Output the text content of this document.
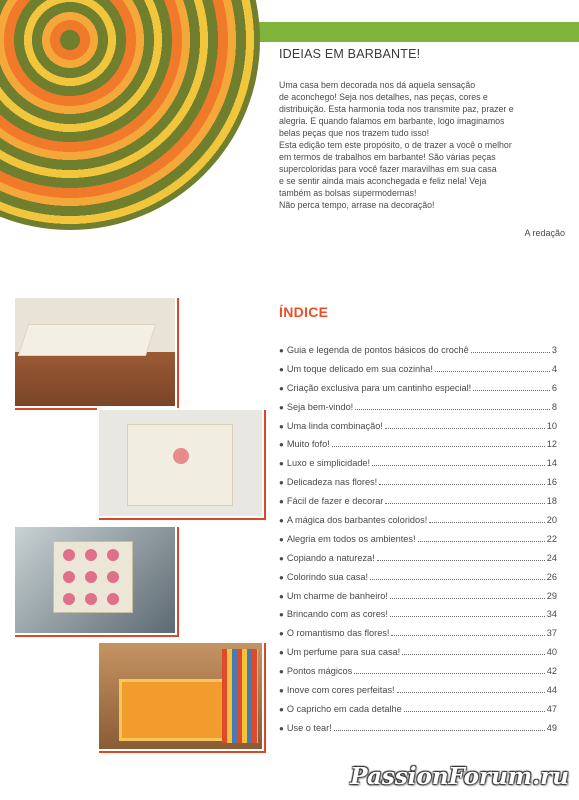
IDEIAS EM BARBANTE!
Uma casa bem decorada nos dá aquela sensação
de aconchego! Seja nos detalhes, nas peças, cores e
distribuição. Esta harmonia toda nos transmite paz, prazer e
alegria. E quando falamos em barbante, logo imaginamos
belas peças que nos trazem tudo isso!
Esta edição tem este propósito, o de trazer a você o melhor
em termos de trabalhos em barbante! São várias peças
supercoloridas para você fazer maravilhas em sua casa
e se sentir ainda mais aconchegada e feliz nela! Veja
também as bolsas supermodernas!
Não perca tempo, arrase na decoração!
A redação
ÍNDICE
● Guia e legenda de pontos básicos do crochê	3
● Um toque delicado em sua cozinha!	4
● Criação exclusiva para um cantinho especial!	6
● Seja bem-vindo!	8
● Uma linda combinação!	10
● Muito fofo!	12
● Luxo e simplicidade!	14
● Delicadeza nas flores!	16
● Fácil de fazer e decorar	18
● A mágica dos barbantes coloridos!	20
● Alegria em todos os ambientes!	22
● Copiando a natureza!	24
● Colorindo sua casa!	26
● Um charme de banheiro!	29
● Brincando com as cores!	34
● O romantismo das flores!	37
● Um perfume para sua casa!	40
● Pontos mágicos	42
● Inove com cores perfeitas!	44
● O capricho em cada detalhe	47
● Use o tear!	49
PassionForum.ru
